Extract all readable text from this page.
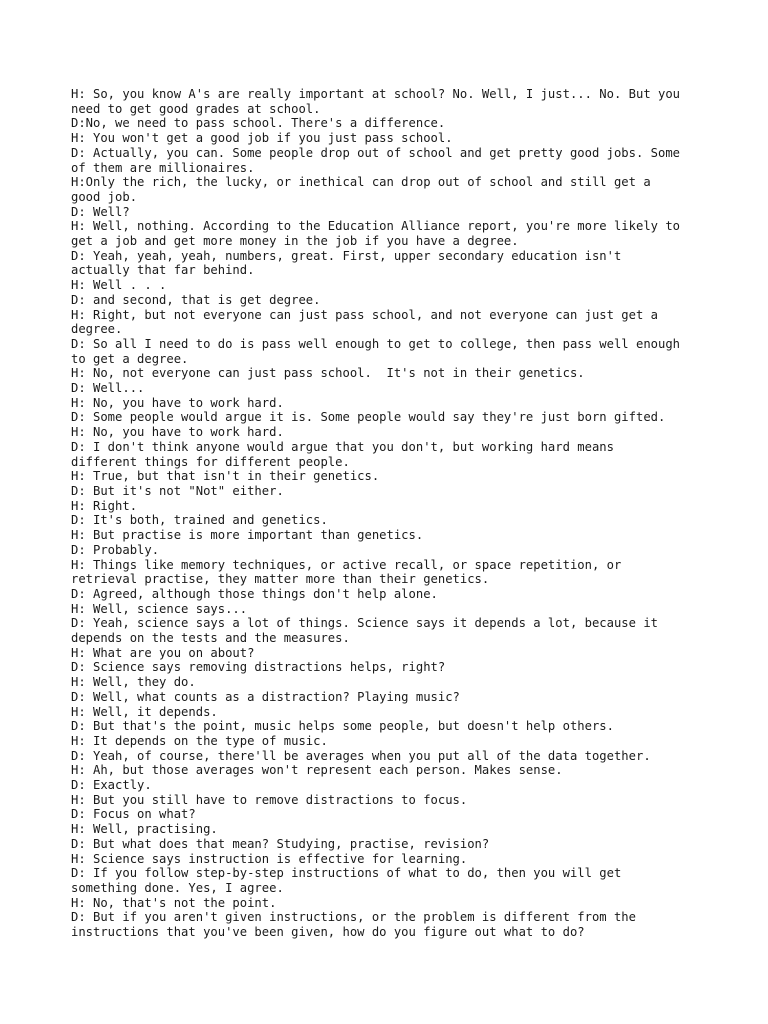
H: So, you know A's are really important at school? No. Well, I just... No. But you
need to get good grades at school.
D:No, we need to pass school. There's a difference.
H: You won't get a good job if you just pass school.
D: Actually, you can. Some people drop out of school and get pretty good jobs. Some
of them are millionaires.
H:Only the rich, the lucky, or inethical can drop out of school and still get a
good job.
D: Well?
H: Well, nothing. According to the Education Alliance report, you're more likely to
get a job and get more money in the job if you have a degree.
D: Yeah, yeah, yeah, numbers, great. First, upper secondary education isn't
actually that far behind.
H: Well . . .
D: and second, that is get degree.
H: Right, but not everyone can just pass school, and not everyone can just get a
degree.
D: So all I need to do is pass well enough to get to college, then pass well enough
to get a degree.
H: No, not everyone can just pass school.  It's not in their genetics.
D: Well...
H: No, you have to work hard.
D: Some people would argue it is. Some people would say they're just born gifted.
H: No, you have to work hard.
D: I don't think anyone would argue that you don't, but working hard means
different things for different people.
H: True, but that isn't in their genetics.
D: But it's not "Not" either.
H: Right.
D: It's both, trained and genetics.
H: But practise is more important than genetics.
D: Probably.
H: Things like memory techniques, or active recall, or space repetition, or
retrieval practise, they matter more than their genetics.
D: Agreed, although those things don't help alone.
H: Well, science says...
D: Yeah, science says a lot of things. Science says it depends a lot, because it
depends on the tests and the measures.
H: What are you on about?
D: Science says removing distractions helps, right?
H: Well, they do.
D: Well, what counts as a distraction? Playing music?
H: Well, it depends.
D: But that's the point, music helps some people, but doesn't help others.
H: It depends on the type of music.
D: Yeah, of course, there'll be averages when you put all of the data together.
H: Ah, but those averages won't represent each person. Makes sense.
D: Exactly.
H: But you still have to remove distractions to focus.
D: Focus on what?
H: Well, practising.
D: But what does that mean? Studying, practise, revision?
H: Science says instruction is effective for learning.
D: If you follow step-by-step instructions of what to do, then you will get
something done. Yes, I agree.
H: No, that's not the point.
D: But if you aren't given instructions, or the problem is different from the
instructions that you've been given, how do you figure out what to do?
